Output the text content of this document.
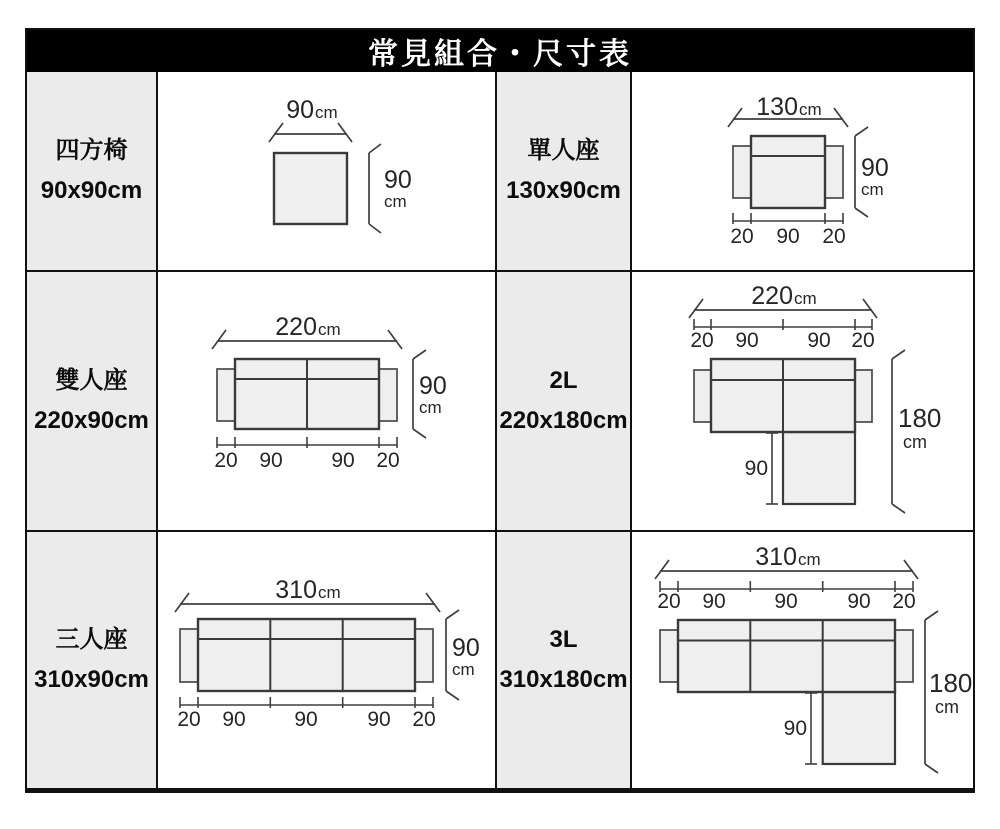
常見組合・尺寸表
四方椅
90x90cm
90 cm
90
cm
單人座
130x90cm
130 cm
20 90 20
90
cm
雙人座
220x90cm
220 cm
20 90 90 20
90
cm
2L
220x180cm
220 cm
20 90 90 20
90
180
cm
三人座
310x90cm
310 cm
20 90 90 90 20
90
cm
3L
310x180cm
310 cm
20 90 90 90 20
90
180
cm
